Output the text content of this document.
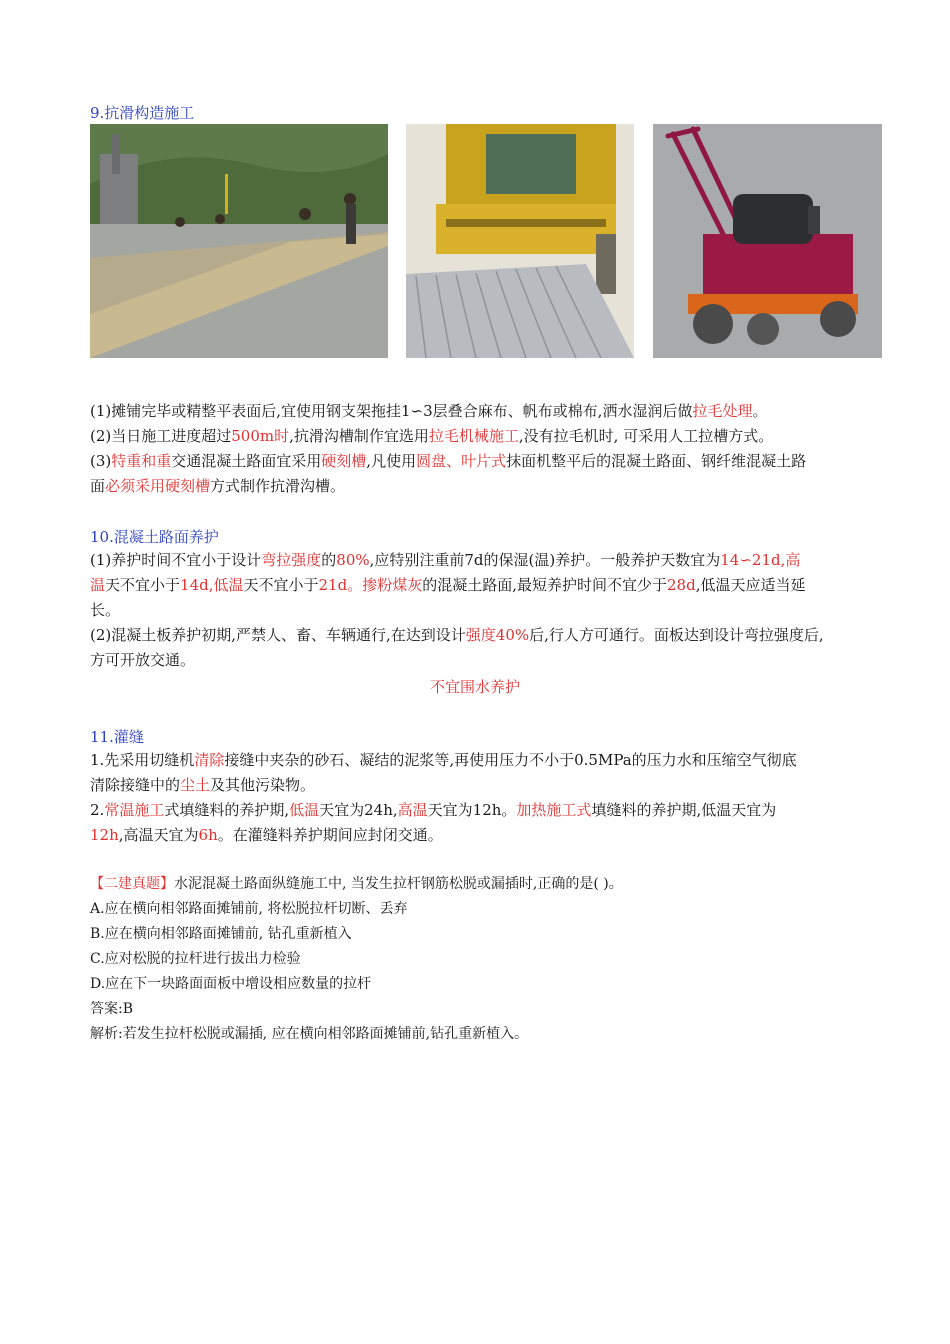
9.抗滑构造施工
(1)摊铺完毕或精整平表面后,宜使用钢支架拖挂1∽3层叠合麻布、帆布或棉布,洒水湿润后做拉毛处理。
(2)当日施工进度超过500m时,抗滑沟槽制作宜选用拉毛机械施工,没有拉毛机时, 可采用人工拉槽方式。
(3)特重和重交通混凝土路面宜采用硬刻槽,凡使用圆盘、叶片式抹面机整平后的混凝土路面、钢纤维混凝土路
面必须采用硬刻槽方式制作抗滑沟槽。
10.混凝土路面养护
(1)养护时间不宜小于设计弯拉强度的80%,应特别注重前7d的保湿(温)养护。一般养护天数宜为14∽21d,高
温天不宜小于14d,低温天不宜小于21d。掺粉煤灰的混凝土路面,最短养护时间不宜少于28d,低温天应适当延
长。
(2)混凝土板养护初期,严禁人、畜、车辆通行,在达到设计强度40%后,行人方可通行。面板达到设计弯拉强度后,
方可开放交通。
不宜围水养护
11.灌缝
1.先采用切缝机清除接缝中夹杂的砂石、凝结的泥浆等,再使用压力不小于0.5MPa的压力水和压缩空气彻底
清除接缝中的尘土及其他污染物。
2.常温施工式填缝料的养护期,低温天宜为24h,高温天宜为12h。加热施工式填缝料的养护期,低温天宜为
12h,高温天宜为6h。在灌缝料养护期间应封闭交通。
【二建真题】水泥混凝土路面纵缝施工中, 当发生拉杆钢筋松脱或漏插时,正确的是( )。
A.应在横向相邻路面摊铺前, 将松脱拉杆切断、丢弃
B.应在横向相邻路面摊铺前, 钻孔重新植入
C.应对松脱的拉杆进行拔出力检验
D.应在下一块路面面板中增设相应数量的拉杆
答案:B
解析:若发生拉杆松脱或漏插, 应在横向相邻路面摊铺前,钻孔重新植入。
